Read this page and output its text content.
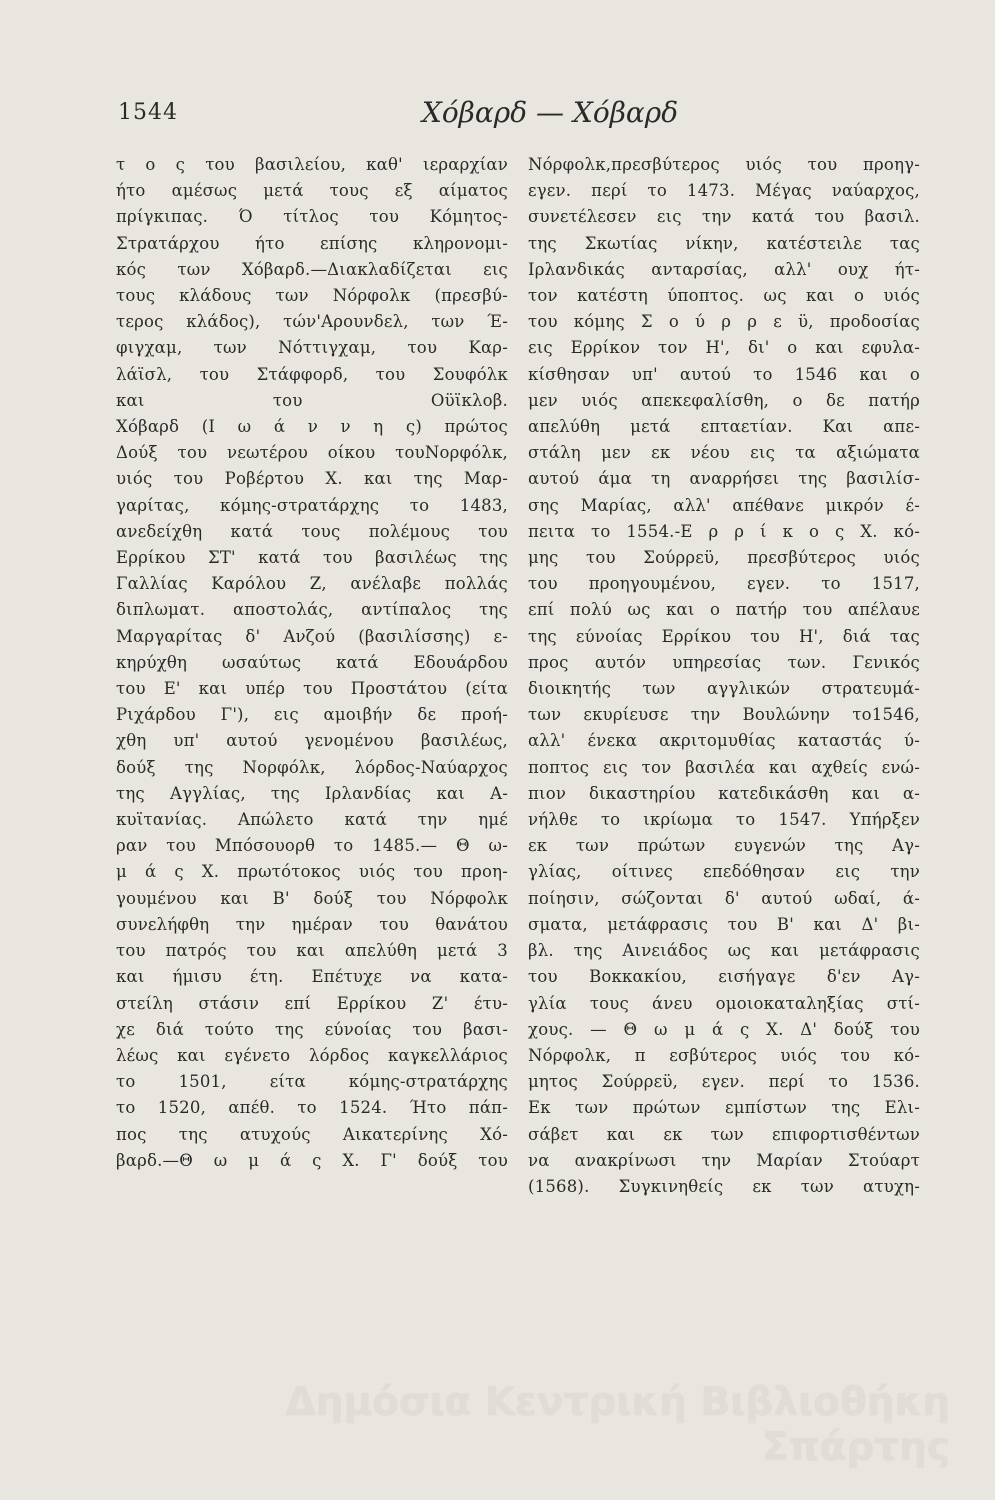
1544	Χόβαρδ — Χόβαρδ
τ ο ς του βασιλείου, καθ' ιεραρχίαν
ήτο αμέσως μετά τους εξ αίματος
πρίγκιπας. Ό τίτλος του Κόμητος-
Στρατάρχου ήτο επίσης κληρονομι-
κός των Χόβαρδ.—Διακλαδίζεται εις
τους κλάδους των Νόρφολκ (πρεσβύ-
τερος κλάδος), τών'Αρουνδελ, των Έ-
φιγχαμ, των Νόττιγχαμ, του Καρ-
λάϊσλ, του Στάφφορδ, του Σουφόλκ
και του Οϋϊκλοβ.
Χόβαρδ (Ι ω ά ν ν η ς) πρώτος
Δούξ του νεωτέρου οίκου τουΝορφόλκ,
υιός του Ροβέρτου Χ. και της Μαρ-
γαρίτας, κόμης-στρατάρχης το 1483,
ανεδείχθη κατά τους πολέμους του
Ερρίκου ΣΤ' κατά του βασιλέως της
Γαλλίας Καρόλου Ζ, ανέλαβε πολλάς
διπλωματ. αποστολάς, αντίπαλος της
Μαργαρίτας δ' Ανζού (βασιλίσσης) ε-
κηρύχθη ωσαύτως κατά Εδουάρδου
του Ε' και υπέρ του Προστάτου (είτα
Ριχάρδου Γ'), εις αμοιβήν δε προή-
χθη υπ' αυτού γενομένου βασιλέως,
δούξ της Νορφόλκ, λόρδος-Ναύαρχος
της Αγγλίας, της Ιρλανδίας και Α-
κυϊτανίας. Απώλετο κατά την ημέ
ραν του Μπόσουορθ το 1485.— Θ ω-
μ ά ς Χ. πρωτότοκος υιός του προη-
γουμένου και Β' δούξ του Νόρφολκ
συνελήφθη την ημέραν του θανάτου
του πατρός του και απελύθη μετά 3
και ήμισυ έτη. Επέτυχε να κατα-
στείλη στάσιν επί Ερρίκου Ζ' έτυ-
χε διά τούτο της εύνοίας του βασι-
λέως και εγένετο λόρδος καγκελλάριος
το 1501, είτα κόμης-στρατάρχης
το 1520, απέθ. το 1524. Ήτο πάπ-
πος της ατυχούς Αικατερίνης Χό-
βαρδ.—Θ ω μ ά ς Χ. Γ' δούξ του
Νόρφολκ,πρεσβύτερος υιός του προηγ-
εγεν. περί το 1473. Μέγας ναύαρχος,
συνετέλεσεν εις την κατά του βασιλ.
της Σκωτίας νίκην, κατέστειλε τας
Ιρλανδικάς ανταρσίας, αλλ' ουχ ήτ-
τον κατέστη ύποπτος. ως και ο υιός
του κόμης Σ ο ύ ρ ρ ε ϋ, προδοσίας
εις Ερρίκον τον Η', δι' ο και εφυλα-
κίσθησαν υπ' αυτού το 1546 και ο
μεν υιός απεκεφαλίσθη, ο δε πατήρ
απελύθη μετά επταετίαν. Και απε-
στάλη μεν εκ νέου εις τα αξιώματα
αυτού άμα τη αναρρήσει της βασιλίσ-
σης Μαρίας, αλλ' απέθανε μικρόν έ-
πειτα το 1554.-Ε ρ ρ ί κ ο ς Χ. κό-
μης του Σούρρεϋ, πρεσβύτερος υιός
του προηγουμένου, εγεν. το 1517,
επί πολύ ως και ο πατήρ του απέλαυε
της εύνοίας Ερρίκου του Η', διά τας
προς αυτόν υπηρεσίας των. Γενικός
διοικητής των αγγλικών στρατευμά-
των εκυρίευσε την Βουλώνην το1546,
αλλ' ένεκα ακριτομυθίας καταστάς ύ-
ποπτος εις τον βασιλέα και αχθείς ενώ-
πιον δικαστηρίου κατεδικάσθη και α-
νήλθε το ικρίωμα το 1547. Υπήρξεν
εκ των πρώτων ευγενών της Αγ-
γλίας, οίτινες επεδόθησαν εις την
ποίησιν, σώζονται δ' αυτού ωδαί, ά-
σματα, μετάφρασις του Β' και Δ' βι-
βλ. της Αινειάδος ως και μετάφρασις
του Βοκκακίου, εισήγαγε δ'εν Αγ-
γλία τους άνευ ομοιοκαταληξίας στί-
χους. — Θ ω μ ά ς Χ. Δ' δούξ του
Νόρφολκ, π εσβύτερος υιός του κό-
μητος Σούρρεϋ, εγεν. περί το 1536.
Εκ των πρώτων εμπίστων της Ελι-
σάβετ και εκ των επιφορτισθέντων
να ανακρίνωσι την Μαρίαν Στούαρτ
(1568). Συγκινηθείς εκ των ατυχη-
Δημόσια Κεντρική Βιβλιοθήκη Σπάρτης
